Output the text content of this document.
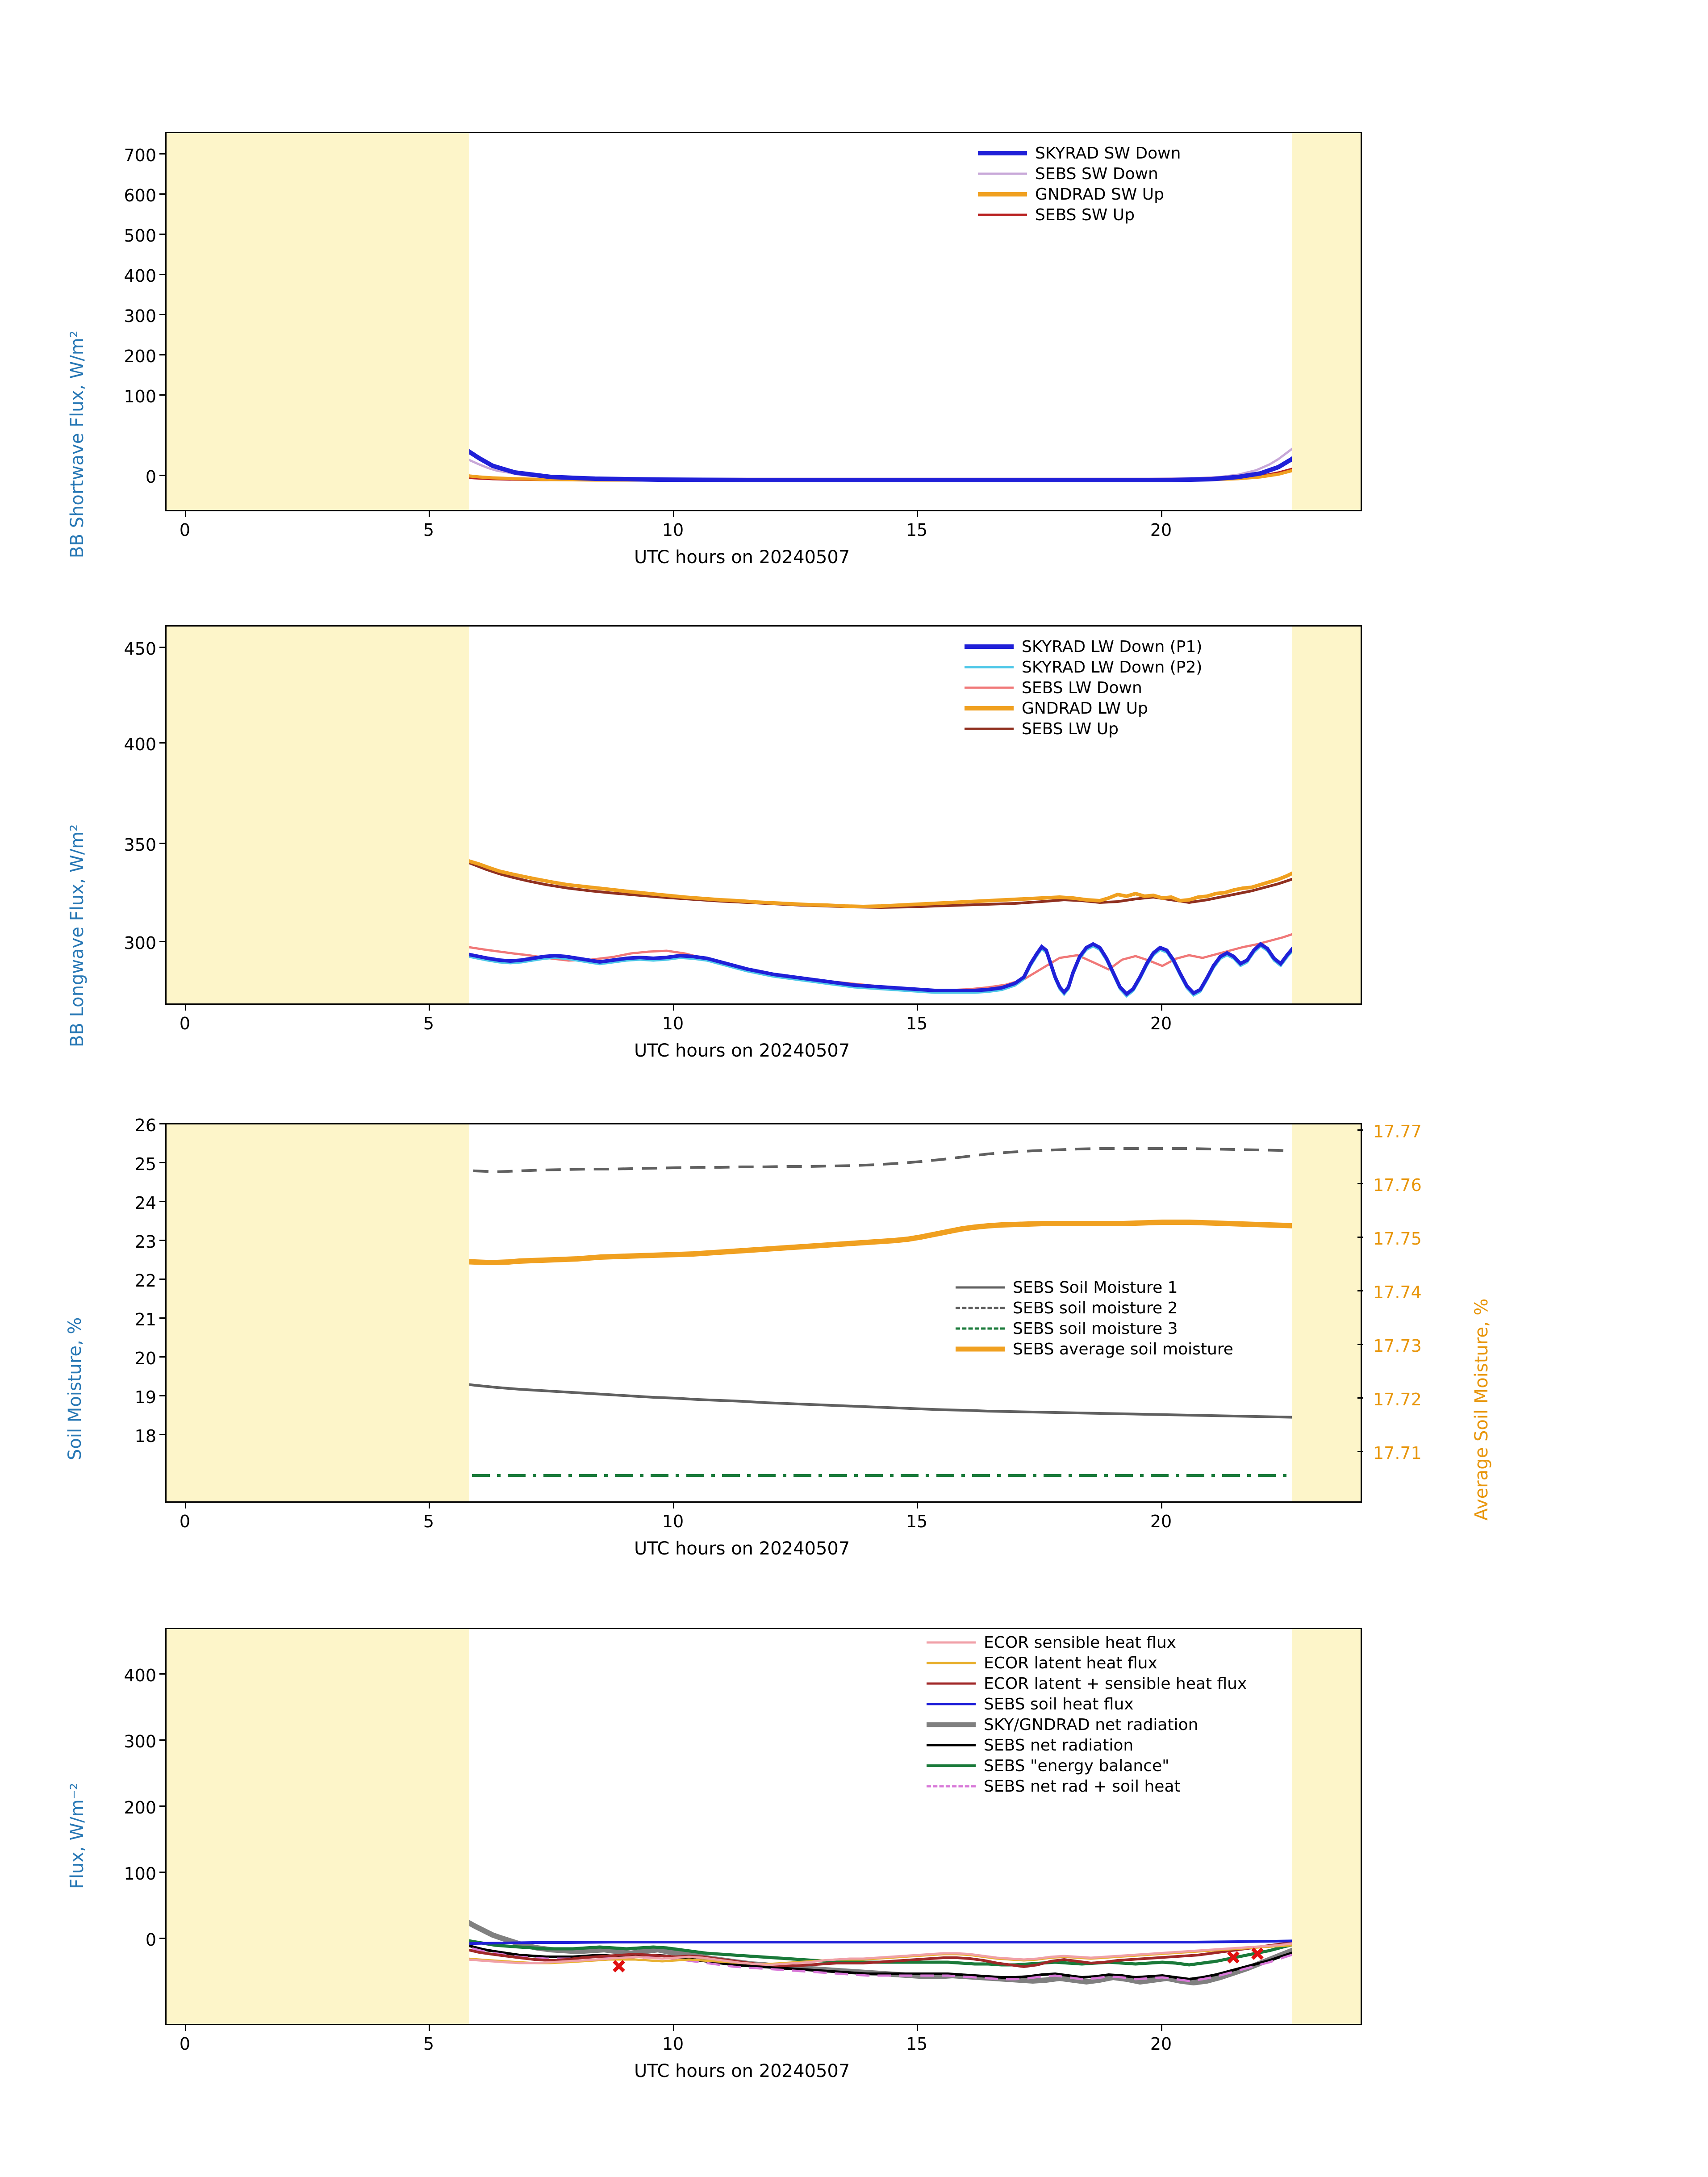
BB Shortwave Flux, W/m²
700
600
500
400
300
200
100
0
0	5	10	15	20
UTC hours on 20240507
SKYRAD SW Down
SEBS SW Down
GNDRAD SW Up
SEBS SW Up
BB Longwave Flux, W/m²
450
400
350
300
0	5	10	15	20
UTC hours on 20240507
SKYRAD LW Down (P1)
SKYRAD LW Down (P2)
SEBS LW Down
GNDRAD LW Up
SEBS LW Up
Soil Moisture, %	Average Soil Moisture, %
26
25
24
23
22
21
20
19
18
17.77
17.76
17.75
17.74
17.73
17.72
17.71
0	5	10	15	20
UTC hours on 20240507
SEBS Soil Moisture 1
SEBS soil moisture 2
SEBS soil moisture 3
SEBS average soil moisture
Flux, W/m⁻²
400
300
200
100
0
0	5	10	15	20
UTC hours on 20240507
ECOR sensible heat flux
ECOR latent heat flux
ECOR latent + sensible heat flux
SEBS soil heat flux
SKY/GNDRAD net radiation
SEBS net radiation
SEBS "energy balance"
SEBS net rad + soil heat
